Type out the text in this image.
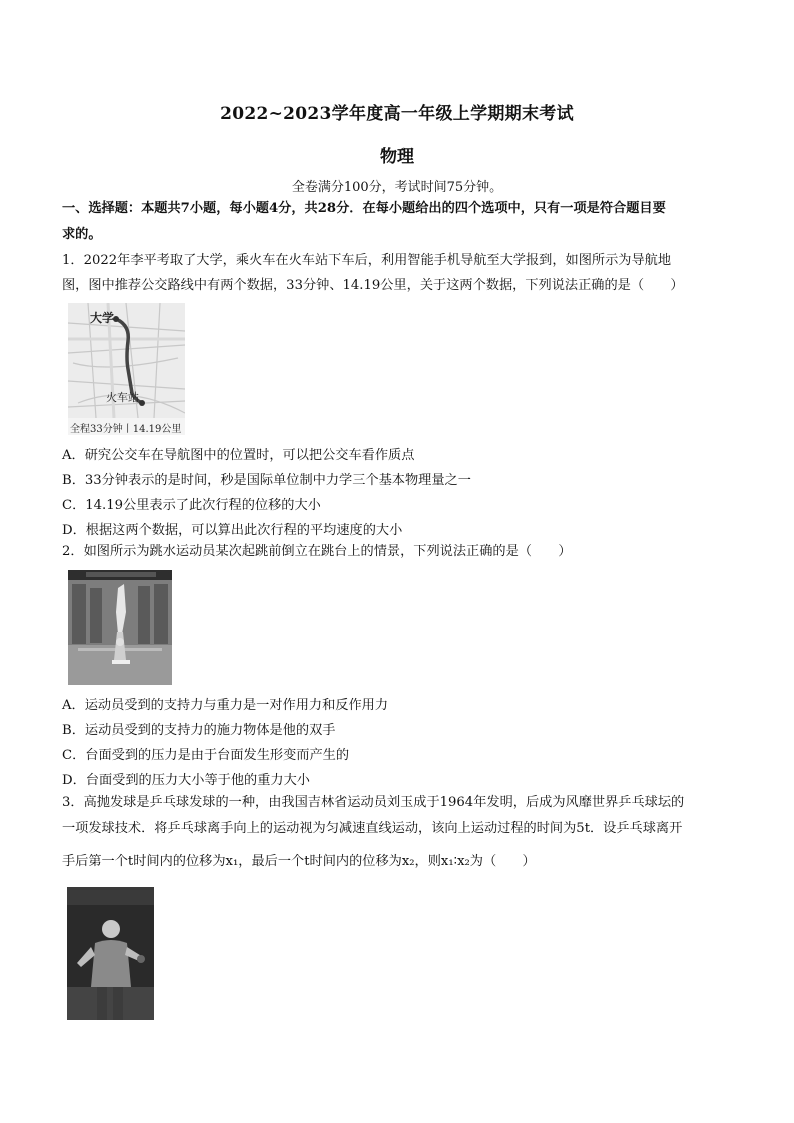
2022~2023学年度高一年级上学期期末考试
物理
全卷满分100分，考试时间75分钟。
一、选择题：本题共7小题，每小题4分，共28分．在每小题给出的四个选项中，只有一项是符合题目要
求的。
1．2022年李平考取了大学，乘火车在火车站下车后，利用智能手机导航至大学报到，如图所示为导航地
图，图中推荐公交路线中有两个数据，33分钟、14.19公里，关于这两个数据，下列说法正确的是（　　）
大学
火车站
全程33分钟丨14.19公里
A．研究公交车在导航图中的位置时，可以把公交车看作质点
B．33分钟表示的是时间，秒是国际单位制中力学三个基本物理量之一
C．14.19公里表示了此次行程的位移的大小
D．根据这两个数据，可以算出此次行程的平均速度的大小
2．如图所示为跳水运动员某次起跳前倒立在跳台上的情景，下列说法正确的是（　　）
A．运动员受到的支持力与重力是一对作用力和反作用力
B．运动员受到的支持力的施力物体是他的双手
C．台面受到的压力是由于台面发生形变而产生的
D．台面受到的压力大小等于他的重力大小
3．高抛发球是乒乓球发球的一种，由我国吉林省运动员刘玉成于1964年发明，后成为风靡世界乒乓球坛的
一项发球技术．将乒乓球离手向上的运动视为匀减速直线运动，该向上运动过程的时间为5t．设乒乓球离开
手后第一个t时间内的位移为x₁，最后一个t时间内的位移为x₂，则x₁∶x₂为（　　）
